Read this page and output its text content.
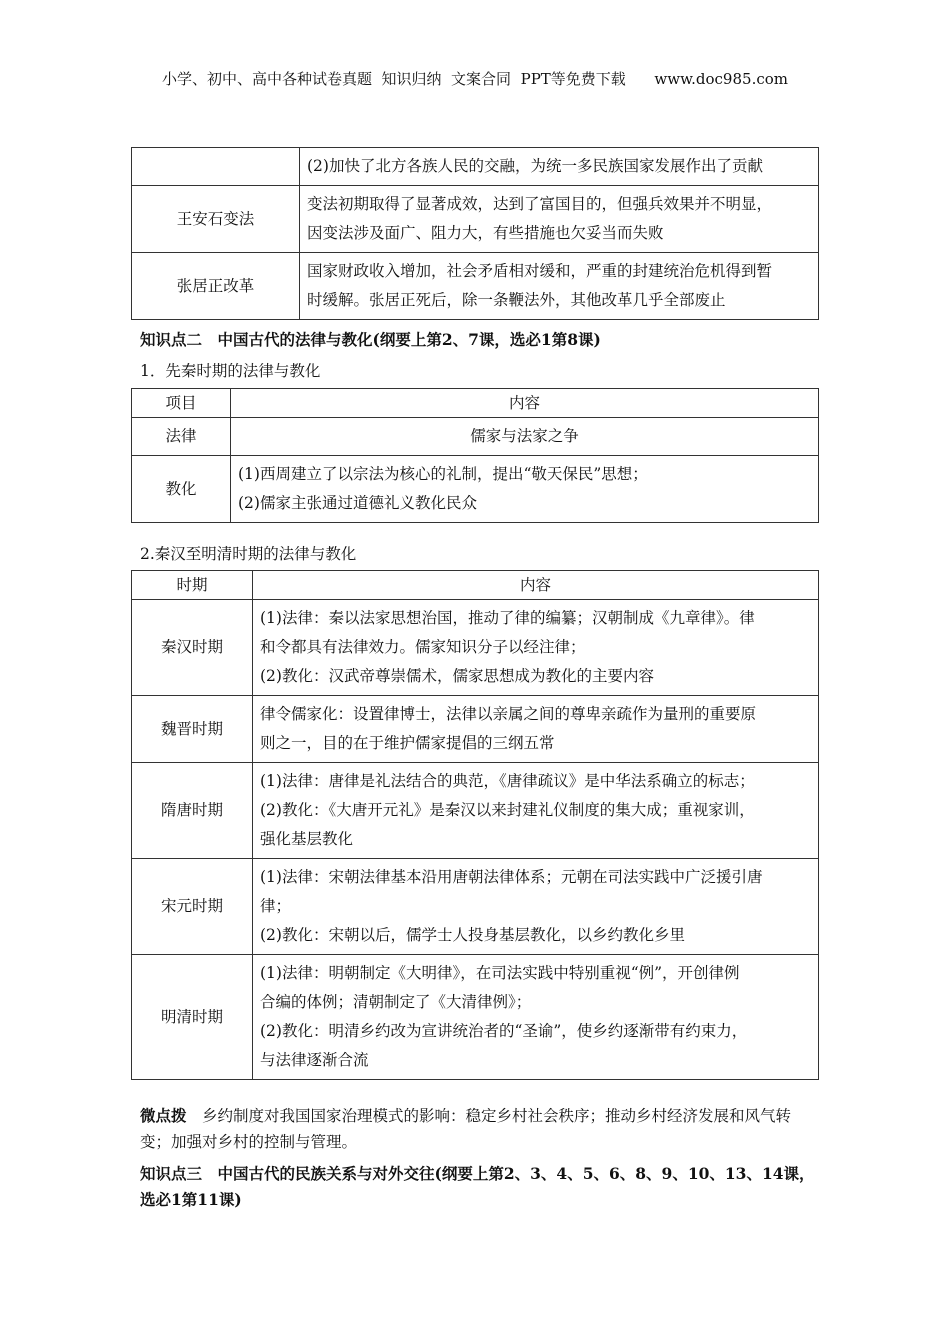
小学、初中、高中各种试卷真题  知识归纳  文案合同  PPT等免费下载      www.doc985.com

	(2)加快了北方各族人民的交融，为统一多民族国家发展作出了贡献

王安石变法	变法初期取得了显著成效，达到了富国目的，但强兵效果并不明显，
因变法涉及面广、阻力大，有些措施也欠妥当而失败

张居正改革	国家财政收入增加，社会矛盾相对缓和，严重的封建统治危机得到暂
时缓解。张居正死后，除一条鞭法外，其他改革几乎全部废止
知识点二　中国古代的法律与教化(纲要上第2、7课，选必1第8课)
1．先秦时期的法律与教化
项目	内容
法律	儒家与法家之争

教化	(1)西周建立了以宗法为核心的礼制，提出“敬天保民”思想；
(2)儒家主张通过道德礼义教化民众
2.秦汉至明清时期的法律与教化
时期	内容
秦汉时期	(1)法律：秦以法家思想治国，推动了律的编纂；汉朝制成《九章律》。律
和令都具有法律效力。儒家知识分子以经注律；
(2)教化：汉武帝尊崇儒术，儒家思想成为教化的主要内容

魏晋时期	律令儒家化：设置律博士，法律以亲属之间的尊卑亲疏作为量刑的重要原
则之一，目的在于维护儒家提倡的三纲五常

隋唐时期	(1)法律：唐律是礼法结合的典范，《唐律疏议》是中华法系确立的标志；
(2)教化：《大唐开元礼》是秦汉以来封建礼仪制度的集大成；重视家训，
强化基层教化

宋元时期	(1)法律：宋朝法律基本沿用唐朝法律体系；元朝在司法实践中广泛援引唐
律；
(2)教化：宋朝以后，儒学士人投身基层教化，以乡约教化乡里

明清时期	(1)法律：明朝制定《大明律》，在司法实践中特别重视“例”，开创律例
合编的体例；清朝制定了《大清律例》；
(2)教化：明清乡约改为宣讲统治者的“圣谕”，使乡约逐渐带有约束力，
与法律逐渐合流
微点拨　 乡约制度对我国国家治理模式的影响：稳定乡村社会秩序；推动乡村经济发展和风气转变；加强对乡村的控制与管理。
知识点三　中国古代的民族关系与对外交往(纲要上第2、3、4、5、6、8、9、10、13、14课，选必1第11课)
